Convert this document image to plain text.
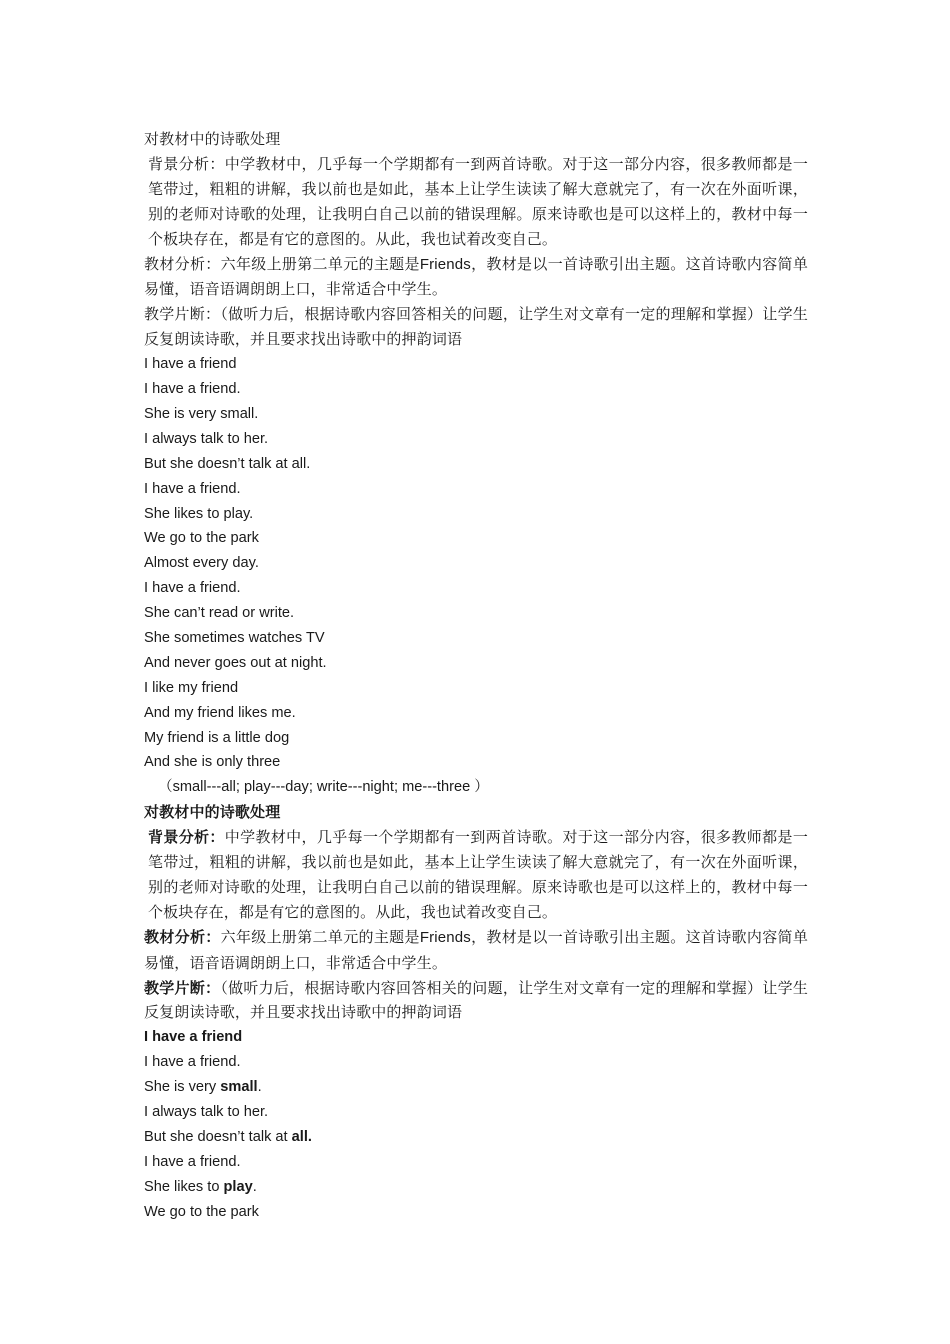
对教材中的诗歌处理
背景分析：中学教材中，几乎每一个学期都有一到两首诗歌。对于这一部分内容，很多教师都是一笔带过，粗粗的讲解，我以前也是如此，基本上让学生读读了解大意就完了，有一次在外面听课，别的老师对诗歌的处理，让我明白自己以前的错误理解。原来诗歌也是可以这样上的，教材中每一个板块存在，都是有它的意图的。从此，我也试着改变自己。
教材分析：六年级上册第二单元的主题是Friends，教材是以一首诗歌引出主题。这首诗歌内容简单易懂，语音语调朗朗上口，非常适合中学生。
教学片断：（做听力后，根据诗歌内容回答相关的问题，让学生对文章有一定的理解和掌握）让学生反复朗读诗歌，并且要求找出诗歌中的押韵词语
I have a friend
I have a friend.
She is very small.
I always talk to her.
But she doesn’t talk at all.
I have a friend.
She likes to play.
We go to the park
Almost every day.
I have a friend.
She can’t read or write.
She sometimes watches TV
And never goes out at night.
I like my friend
And my friend likes me.
My friend is a little dog
And she is only three
（small---all; play---day; write---night; me---three ）
对教材中的诗歌处理
背景分析：中学教材中，几乎每一个学期都有一到两首诗歌。对于这一部分内容，很多教师都是一笔带过，粗粗的讲解，我以前也是如此，基本上让学生读读了解大意就完了，有一次在外面听课，别的老师对诗歌的处理，让我明白自己以前的错误理解。原来诗歌也是可以这样上的，教材中每一个板块存在，都是有它的意图的。从此，我也试着改变自己。
教材分析：六年级上册第二单元的主题是Friends，教材是以一首诗歌引出主题。这首诗歌内容简单易懂，语音语调朗朗上口，非常适合中学生。
教学片断：（做听力后，根据诗歌内容回答相关的问题，让学生对文章有一定的理解和掌握）让学生反复朗读诗歌，并且要求找出诗歌中的押韵词语
I have a friend
I have a friend.
She is very small.
I always talk to her.
But she doesn’t talk at all.
I have a friend.
She likes to play.
We go to the park
